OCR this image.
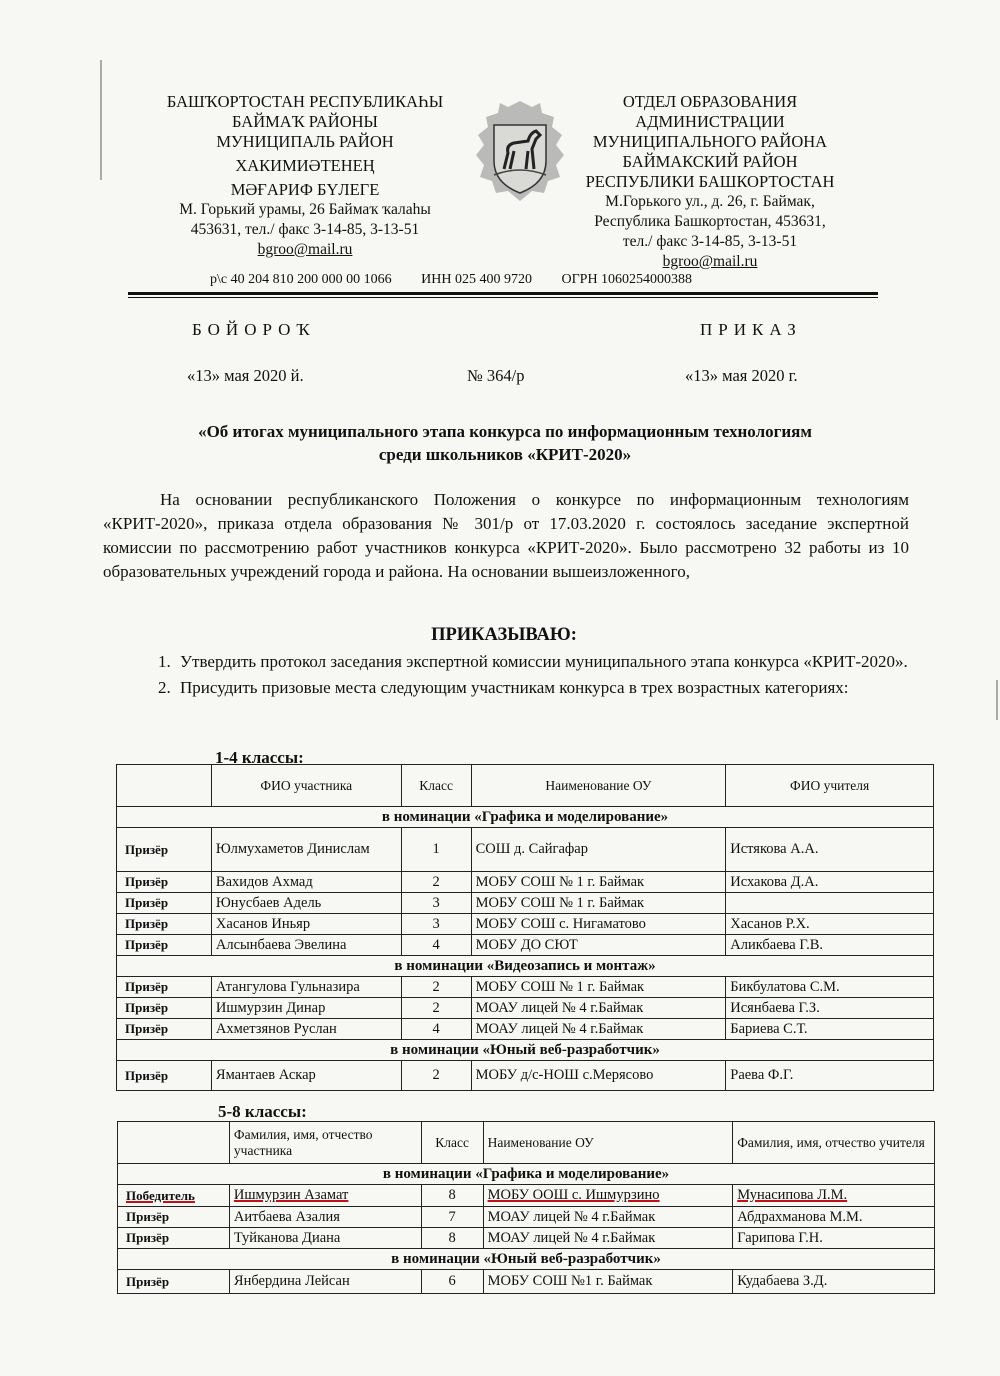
БАШҠОРТОСТАН РЕСПУБЛИКАҺЫ
БАЙМАҠ РАЙОНЫ
МУНИЦИПАЛЬ РАЙОН
ХАКИМИӘТЕНЕҢ
МӘҒАРИФ БҮЛЕГЕ
М. Горький урамы, 26 Баймаҡ ҡалаһы
453631, тел./ факс 3-14-85, 3-13-51
bgroo@mail.ru
ОТДЕЛ ОБРАЗОВАНИЯ
АДМИНИСТРАЦИИ
МУНИЦИПАЛЬНОГО РАЙОНА
БАЙМАКСКИЙ РАЙОН
РЕСПУБЛИКИ БАШКОРТОСТАН
М.Горького ул., д. 26, г. Баймак,
Республика Башкортостан, 453631,
тел./ факс 3-14-85, 3-13-51
bgroo@mail.ru
р\с 40 204 810 200 000 00 1066 ИНН 025 400 9720 ОГРН 1060254000388
БОЙОРОҠ	ПРИКАЗ
«13» мая 2020 й.	№ 364/р	«13» мая 2020 г.
«Об итогах муниципального этапа конкурса по информационным технологиям
среди школьников «КРИТ-2020»
На основании республиканского Положения о конкурсе по информационным технологиям «КРИТ-2020», приказа отдела образования № 301/р от 17.03.2020 г. состоялось заседание экспертной комиссии по рассмотрению работ участников конкурса «КРИТ-2020». Было рассмотрено 32 работы из 10 образовательных учреждений города и района. На основании вышеизложенного,
ПРИКАЗЫВАЮ:
1. Утвердить протокол заседания экспертной комиссии муниципального этапа конкурса «КРИТ-2020».
2. Присудить призовые места следующим участникам конкурса в трех возрастных категориях:
1-4 классы:
	ФИО участника	Класс	Наименование ОУ	ФИО учителя
в номинации «Графика и моделирование»				
Призёр	Юлмухаметов Динислам	1	СОШ д. Сайгафар	Истякова А.А.
Призёр	Вахидов Ахмад	2	МОБУ СОШ № 1 г. Баймак	Исхакова Д.А.
Призёр	Юнусбаев Адель	3	МОБУ СОШ № 1 г. Баймак	
Призёр	Хасанов Иньяр	3	МОБУ СОШ с. Нигаматово	Хасанов Р.Х.
Призёр	Алсынбаева Эвелина	4	МОБУ ДО СЮТ	Аликбаева Г.В.
в номинации «Видеозапись и монтаж»				
Призёр	Атангулова Гульназира	2	МОБУ СОШ № 1 г. Баймак	Бикбулатова С.М.
Призёр	Ишмурзин Динар	2	МОАУ лицей № 4 г.Баймак	Исянбаева Г.З.
Призёр	Ахметзянов Руслан	4	МОАУ лицей № 4 г.Баймак	Бариева С.Т.
в номинации «Юный веб-разработчик»				
Призёр	Ямантаев Аскар	2	МОБУ д/с-НОШ с.Мерясово	Раева Ф.Г.
5-8 классы:
	Фамилия, имя, отчество участника	Класс	Наименование ОУ	Фамилия, имя, отчество учителя
в номинации «Графика и моделирование»				
Победитель	Ишмурзин Азамат	8	МОБУ ООШ с. Ишмурзино	Мунасипова Л.М.
Призёр	Аитбаева Азалия	7	МОАУ лицей № 4 г.Баймак	Абдрахманова М.М.
Призёр	Туйканова Диана	8	МОАУ лицей № 4 г.Баймак	Гарипова Г.Н.
в номинации «Юный веб-разработчик»				
Призёр	Янбердина Лейсан	6	МОБУ СОШ №1 г. Баймак	Кудабаева З.Д.
